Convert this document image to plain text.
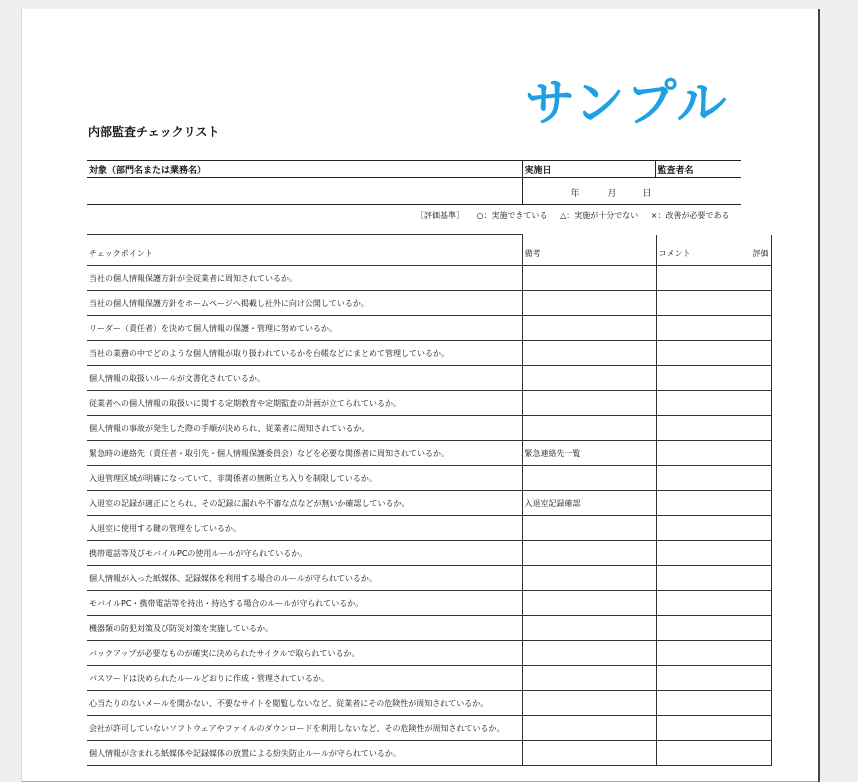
サンプル
内部監査チェックリスト
対象（部門名または業務名）	実施日	監査者名

	年 月 日	

［評価基準］ ○：実施できている △：実施が十分でない ×：改善が必要である
チェックポイント	備考	コメント	評価
当社の個人情報保護方針が全従業者に周知されているか。			
当社の個人情報保護方針をホームページへ掲載し社外に向け公開しているか。			
リーダー（責任者）を決めて個人情報の保護・管理に努めているか。			
当社の業務の中でどのような個人情報が取り扱われているかを台帳などにまとめて管理しているか。			
個人情報の取扱いルールが文書化されているか。			
従業者への個人情報の取扱いに関する定期教育や定期監査の計画が立てられているか。			
個人情報の事故が発生した際の手順が決められ、従業者に周知されているか。			
緊急時の連絡先（責任者・取引先・個人情報保護委員会）などを必要な関係者に周知されているか。	緊急連絡先一覧		
入退管理区域が明確になっていて、非関係者の無断立ち入りを制限しているか。			
入退室の記録が適正にとられ、その記録に漏れや不審な点などが無いか確認しているか。	入退室記録確認		
入退室に使用する鍵の管理をしているか。			
携帯電話等及びモバイルPCの使用ルールが守られているか。			
個人情報が入った紙媒体、記録媒体を利用する場合のルールが守られているか。			
モバイルPC・携帯電話等を持出・持込する場合のルールが守られているか。			
機器類の防犯対策及び防災対策を実施しているか。			
バックアップが必要なものが確実に決められたサイクルで取られているか。			
パスワードは決められたルールどおりに作成・管理されているか。			
心当たりのないメールを開かない、不要なサイトを閲覧しないなど、従業者にその危険性が周知されているか。			
会社が許可していないソフトウェアやファイルのダウンロードを利用しないなど、その危険性が周知されているか。			
個人情報が含まれる紙媒体や記録媒体の放置による紛失防止ルールが守られているか。			
